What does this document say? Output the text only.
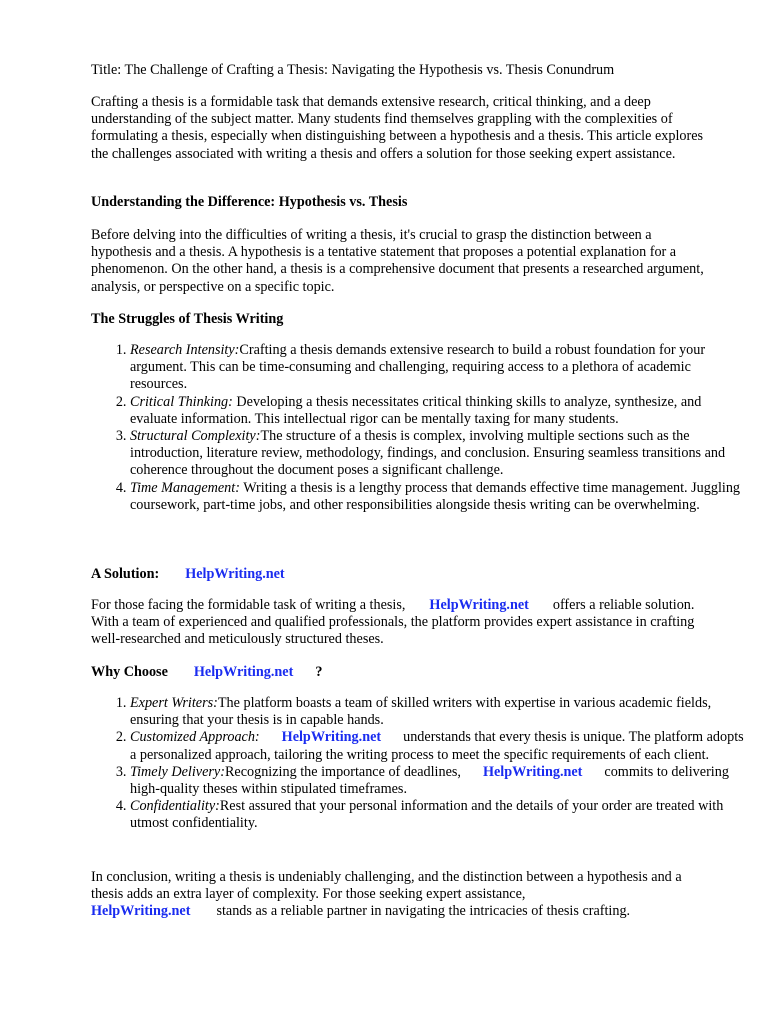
Title: The Challenge of Crafting a Thesis: Navigating the Hypothesis vs. Thesis Conundrum

Crafting a thesis is a formidable task that demands extensive research, critical thinking, and a deep understanding of the subject matter. Many students find themselves grappling with the complexities of formulating a thesis, especially when distinguishing between a hypothesis and a thesis. This article explores the challenges associated with writing a thesis and offers a solution for those seeking expert assistance.

Understanding the Difference: Hypothesis vs. Thesis

Before delving into the difficulties of writing a thesis, it's crucial to grasp the distinction between a hypothesis and a thesis. A hypothesis is a tentative statement that proposes a potential explanation for a phenomenon. On the other hand, a thesis is a comprehensive document that presents a researched argument, analysis, or perspective on a specific topic.

The Struggles of Thesis Writing

1. Research Intensity:Crafting a thesis demands extensive research to build a robust foundation for your argument. This can be time-consuming and challenging, requiring access to a plethora of academic resources.
2. Critical Thinking: Developing a thesis necessitates critical thinking skills to analyze, synthesize, and evaluate information. This intellectual rigor can be mentally taxing for many students.
3. Structural Complexity:The structure of a thesis is complex, involving multiple sections such as the introduction, literature review, methodology, findings, and conclusion. Ensuring seamless transitions and coherence throughout the document poses a significant challenge.
4. Time Management: Writing a thesis is a lengthy process that demands effective time management. Juggling coursework, part-time jobs, and other responsibilities alongside thesis writing can be overwhelming.

A Solution: HelpWriting.net

For those facing the formidable task of writing a thesis, HelpWriting.net offers a reliable solution. With a team of experienced and qualified professionals, the platform provides expert assistance in crafting well-researched and meticulously structured theses.

Why Choose HelpWriting.net ?

1. Expert Writers:The platform boasts a team of skilled writers with expertise in various academic fields, ensuring that your thesis is in capable hands.
2. Customized Approach: HelpWriting.net understands that every thesis is unique. The platform adopts a personalized approach, tailoring the writing process to meet the specific requirements of each client.
3. Timely Delivery:Recognizing the importance of deadlines, HelpWriting.net commits to delivering high-quality theses within stipulated timeframes.
4. Confidentiality:Rest assured that your personal information and the details of your order are treated with utmost confidentiality.

In conclusion, writing a thesis is undeniably challenging, and the distinction between a hypothesis and a thesis adds an extra layer of complexity. For those seeking expert assistance,
HelpWriting.net stands as a reliable partner in navigating the intricacies of thesis crafting.
